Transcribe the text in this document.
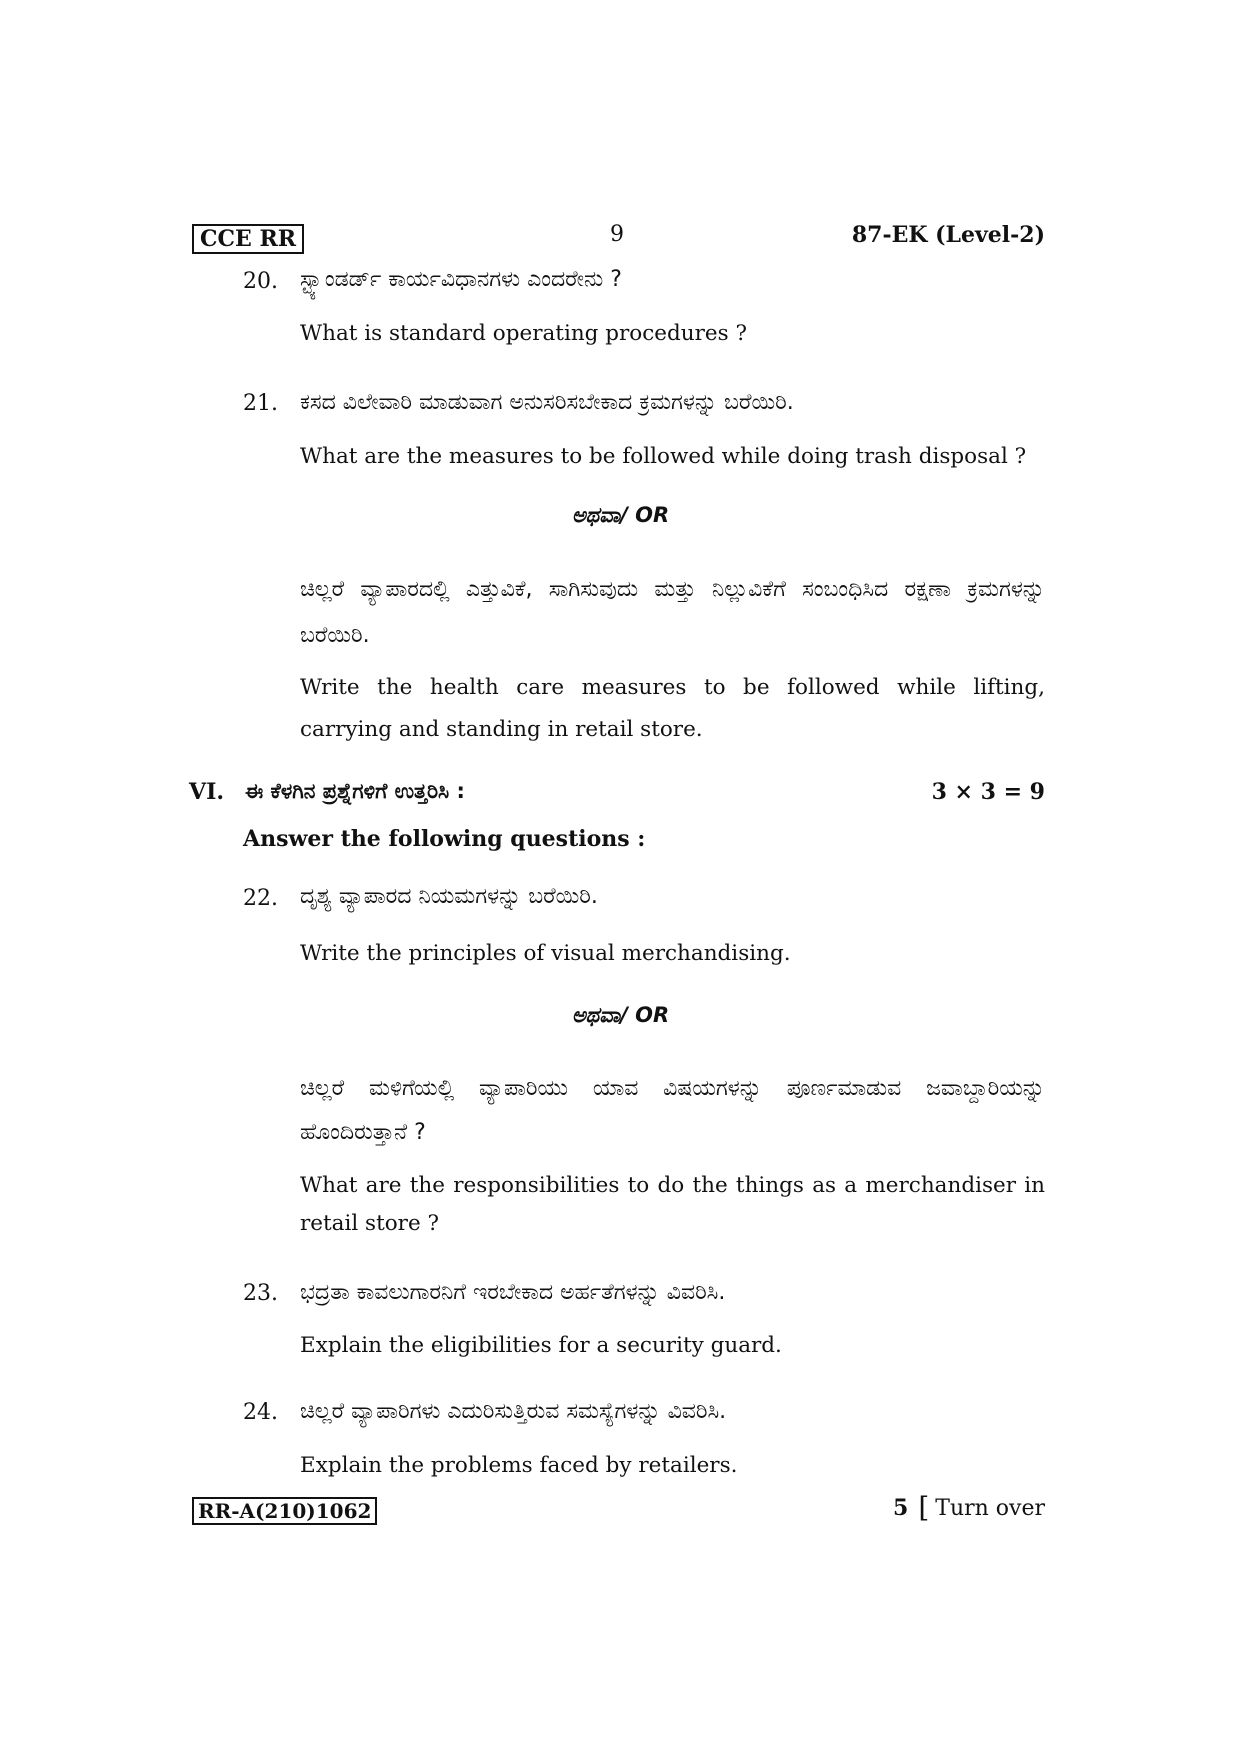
CCE RR	9	87-EK (Level-2)
20. ಸ್ಟ್ಯಾಂಡರ್ಡ್ ಕಾರ್ಯವಿಧಾನಗಳು ಎಂದರೇನು ?
What is standard operating procedures ?
21. ಕಸದ ವಿಲೇವಾರಿ ಮಾಡುವಾಗ ಅನುಸರಿಸಬೇಕಾದ ಕ್ರಮಗಳನ್ನು ಬರೆಯಿರಿ.
What are the measures to be followed while doing trash disposal ?
ಅಥವಾ/ OR
ಚಿಲ್ಲರೆ ವ್ಯಾಪಾರದಲ್ಲಿ ಎತ್ತುವಿಕೆ, ಸಾಗಿಸುವುದು ಮತ್ತು ನಿಲ್ಲುವಿಕೆಗೆ ಸಂಬಂಧಿಸಿದ ರಕ್ಷಣಾ ಕ್ರಮಗಳನ್ನು ಬರೆಯಿರಿ.
Write the health care measures to be followed while lifting, carrying and standing in retail store.
VI. ಈ ಕೆಳಗಿನ ಪ್ರಶ್ನೆಗಳಿಗೆ ಉತ್ತರಿಸಿ :	3 × 3 = 9
Answer the following questions :
22. ದೃಶ್ಯ ವ್ಯಾಪಾರದ ನಿಯಮಗಳನ್ನು ಬರೆಯಿರಿ.
Write the principles of visual merchandising.
ಅಥವಾ/ OR
ಚಿಲ್ಲರೆ ಮಳಿಗೆಯಲ್ಲಿ ವ್ಯಾಪಾರಿಯು ಯಾವ ವಿಷಯಗಳನ್ನು ಪೂರ್ಣಮಾಡುವ ಜವಾಬ್ದಾರಿಯನ್ನು ಹೊಂದಿರುತ್ತಾನೆ ?
What are the responsibilities to do the things as a merchandiser in retail store ?
23. ಭದ್ರತಾ ಕಾವಲುಗಾರನಿಗೆ ಇರಬೇಕಾದ ಅರ್ಹತೆಗಳನ್ನು ವಿವರಿಸಿ.
Explain the eligibilities for a security guard.
24. ಚಿಲ್ಲರೆ ವ್ಯಾಪಾರಿಗಳು ಎದುರಿಸುತ್ತಿರುವ ಸಮಸ್ಯೆಗಳನ್ನು ವಿವರಿಸಿ.
Explain the problems faced by retailers.
RR-A(210)1062	5 [ Turn over
